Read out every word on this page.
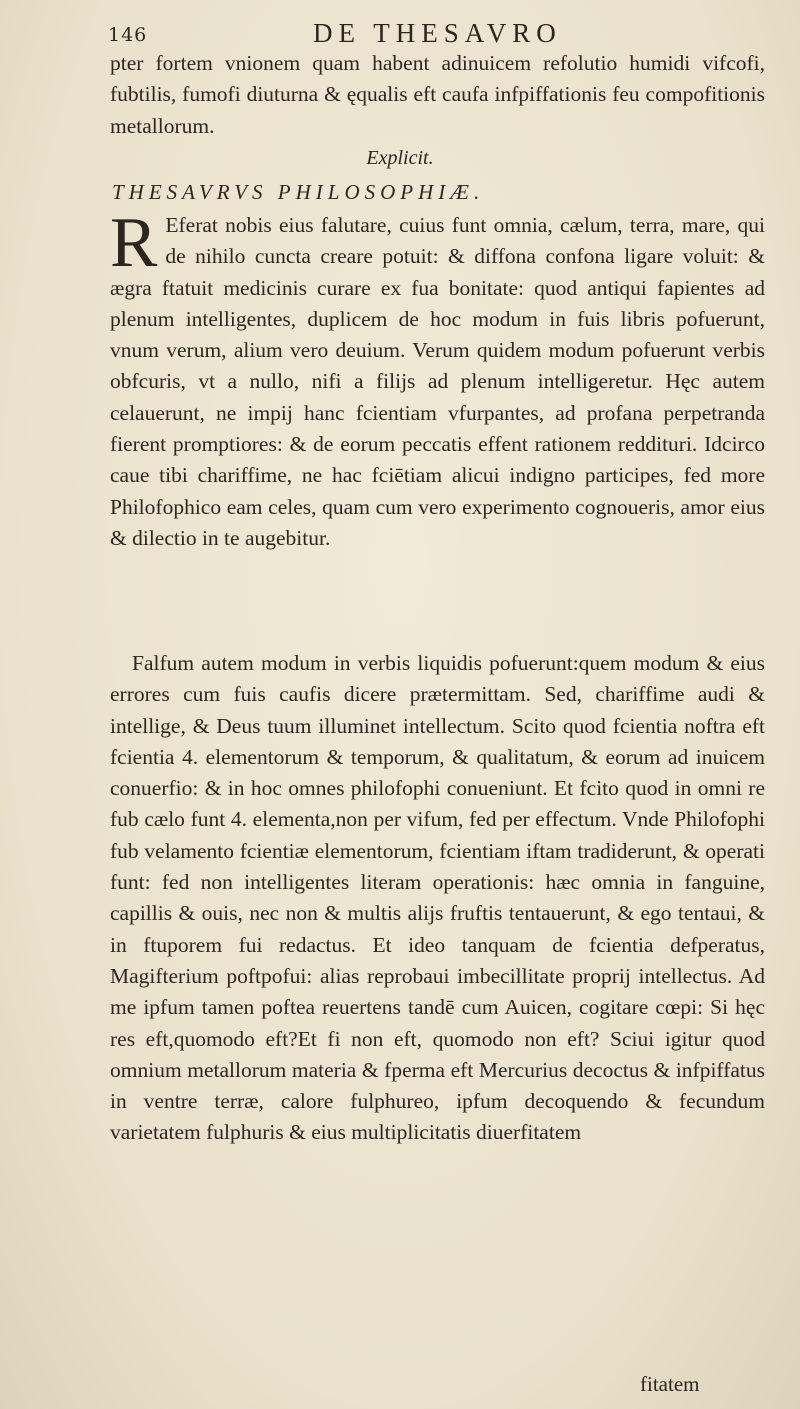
146	DE THESAVRO
pter fortem vnionem quam habent adinuicem refolutio humidi vifcofi, fubtilis, fumofi diuturna & ęqualis eft caufa infpiffationis feu compofitionis metallorum.
Explicit.
THESAVRVS PHILOSOPHIÆ.
R Eferat nobis eius falutare, cuius funt omnia, cælum, terra, mare, qui de nihilo cuncta creare potuit: & diffona confona ligare voluit: & ægra ftatuit medicinis curare ex fua bonitate: quod antiqui fapientes ad plenum intelligentes, duplicem de hoc modum in fuis libris pofuerunt, vnum verum, alium vero deuium. Verum quidem modum pofuerunt verbis obfcuris, vt a nullo, nifi a filijs ad plenum intelligeretur. Hęc autem celauerunt, ne impij hanc fcientiam vfurpantes, ad profana perpetranda fierent promptiores: & de eorum peccatis effent rationem reddituri. Idcirco caue tibi chariffime, ne hac fciētiam alicui indigno participes, fed more Philofophico eam celes, quam cum vero experimento cognoueris, amor eius & dilectio in te augebitur.
Falfum autem modum in verbis liquidis pofuerunt:quem modum & eius errores cum fuis caufis dicere prætermittam. Sed, chariffime audi & intellige, & Deus tuum illuminet intellectum. Scito quod fcientia noftra eft fcientia 4. elementorum & temporum, & qualitatum, & eorum ad inuicem conuerfio: & in hoc omnes philofophi conueniunt. Et fcito quod in omni re fub cælo funt 4. elementa,non per vifum, fed per effectum. Vnde Philofophi fub velamento fcientiæ elementorum, fcientiam iftam tradiderunt, & operati funt: fed non intelligentes literam operationis: hæc omnia in fanguine, capillis & ouis, nec non & multis alijs fruftis tentauerunt, & ego tentaui, & in ftuporem fui redactus. Et ideo tanquam de fcientia defperatus, Magifterium poftpofui: alias reprobaui imbecillitate proprij intellectus. Ad me ipfum tamen poftea reuertens tandē cum Auicen, cogitare cœpi: Si hęc res eft,quomodo eft?Et fi non eft, quomodo non eft? Sciui igitur quod omnium metallorum materia & fperma eft Mercurius decoctus & infpiffatus in ventre terræ, calore fulphureo, ipfum decoquendo & fecundum varietatem fulphuris & eius multiplicitatis diuerfitatem
fitatem
